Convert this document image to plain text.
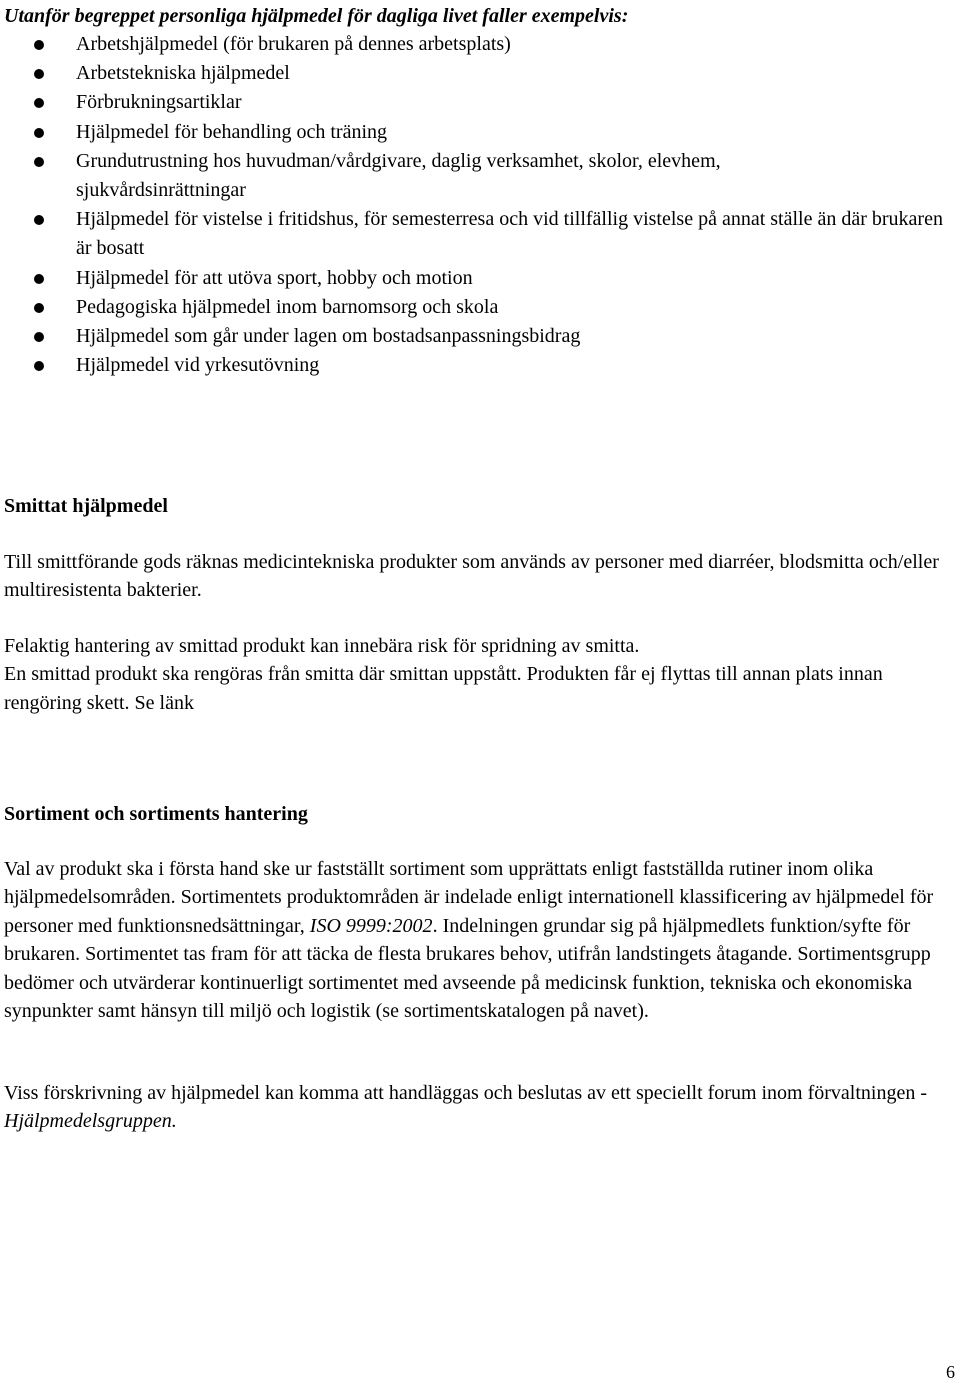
Utanför begreppet personliga hjälpmedel för dagliga livet faller exempelvis:
Arbetshjälpmedel (för brukaren på dennes arbetsplats)
Arbetstekniska hjälpmedel
Förbrukningsartiklar
Hjälpmedel för behandling och träning
Grundutrustning hos huvudman/vårdgivare, daglig verksamhet, skolor, elevhem, sjukvårdsinrättningar
Hjälpmedel för vistelse i fritidshus, för semesterresa och vid tillfällig vistelse på annat ställe än där brukaren är bosatt
Hjälpmedel för att utöva sport, hobby och motion
Pedagogiska hjälpmedel inom barnomsorg och skola
Hjälpmedel som går under lagen om bostadsanpassningsbidrag
Hjälpmedel vid yrkesutövning
Smittat hjälpmedel

Till smittförande gods räknas medicintekniska produkter som används av personer med diarréer, blodsmitta och/eller multiresistenta bakterier.

Felaktig hantering av smittad produkt kan innebära risk för spridning av smitta.

En smittad produkt ska rengöras från smitta där smittan uppstått. Produkten får ej flyttas till annan plats innan rengöring skett. Se länk

Sortiment och sortiments hantering

Val av produkt ska i första hand ske ur fastställt sortiment som upprättats enligt fastställda rutiner inom olika hjälpmedelsområden. Sortimentets produktområden är indelade enligt internationell klassificering av hjälpmedel för personer med funktionsnedsättningar, ISO 9999:2002. Indelningen grundar sig på hjälpmedlets funktion/syfte för brukaren. Sortimentet tas fram för att täcka de flesta brukares behov, utifrån landstingets åtagande. Sortimentsgrupp bedömer och utvärderar kontinuerligt sortimentet med avseende på medicinsk funktion, tekniska och ekonomiska synpunkter samt hänsyn till miljö och logistik (se sortimentskatalogen på navet).

Viss förskrivning av hjälpmedel kan komma att handläggas och beslutas av ett speciellt forum inom förvaltningen - Hjälpmedelsgruppen.

6
